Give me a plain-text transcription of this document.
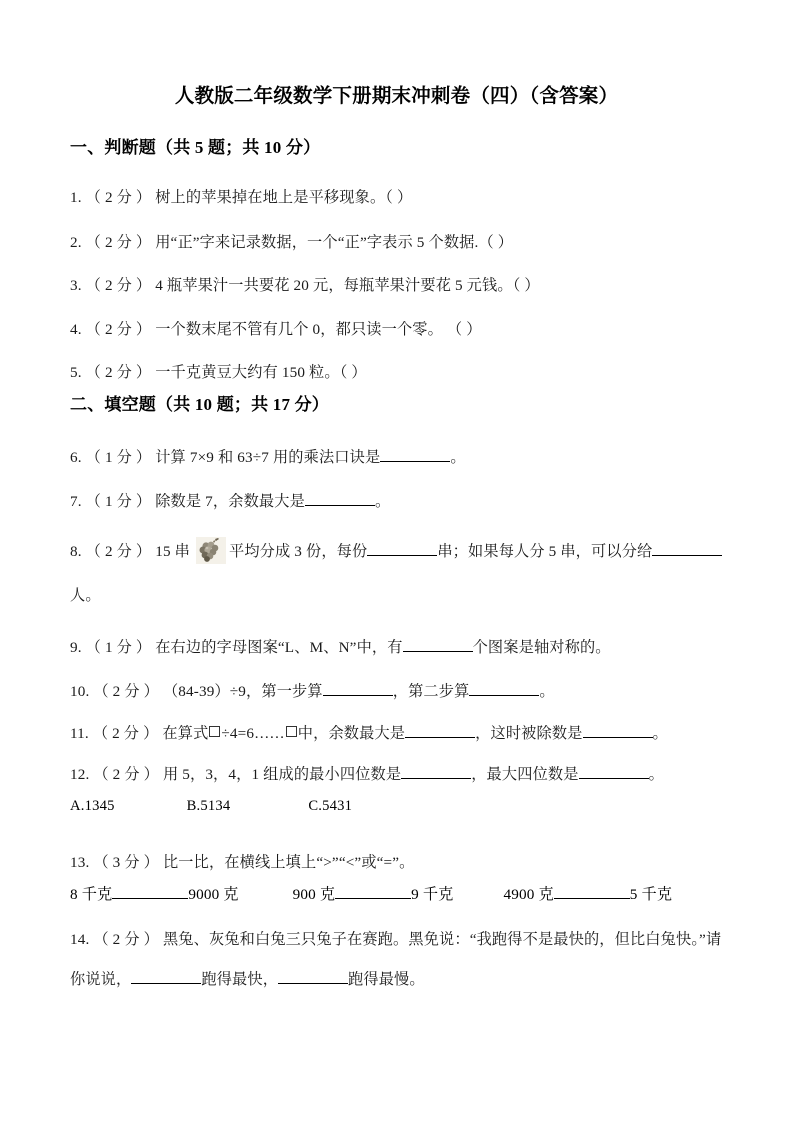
人教版二年级数学下册期末冲刺卷（四）（含答案）
一、判断题（共 5 题；共 10 分）
1. （ 2 分 ） 树上的苹果掉在地上是平移现象。（ ）
2. （ 2 分 ） 用“正”字来记录数据，一个“正”字表示 5 个数据.（ ）
3. （ 2 分 ） 4 瓶苹果汁一共要花 20 元，每瓶苹果汁要花 5 元钱。（ ）
4. （ 2 分 ） 一个数末尾不管有几个 0，都只读一个零。 （ ）
5. （ 2 分 ） 一千克黄豆大约有 150 粒。（ ）
二、填空题（共 10 题；共 17 分）
6. （ 1 分 ） 计算 7×9 和 63÷7 用的乘法口诀是	。
7. （ 1 分 ） 除数是 7，余数最大是	。
8. （ 2 分 ） 15 串	平均分成 3 份，每份	串；如果每人分 5 串，可以分给人。
9. （ 1 分 ） 在右边的字母图案“L、M、N”中，有	个图案是轴对称的。
10. （ 2 分 ） （84-39）÷9，第一步算	，第二步算	。
11. （ 2 分 ） 在算式 ÷4=6…… 中，余数最大是	，这时被除数是	。
12. （ 2 分 ） 用 5，3，4，1 组成的最小四位数是	，最大四位数是	。
A.1345	B.5134	C.5431
13. （ 3 分 ） 比一比，在横线上填上“>”“<”或“=”。
8 千克	9000 克	900 克	9 千克	4900 克	5 千克
14. （ 2 分 ） 黑兔、灰兔和白兔三只兔子在赛跑。黑免说：“我跑得不是最快的，但比白兔快。”请你说说，	跑得最快，	跑得最慢。
